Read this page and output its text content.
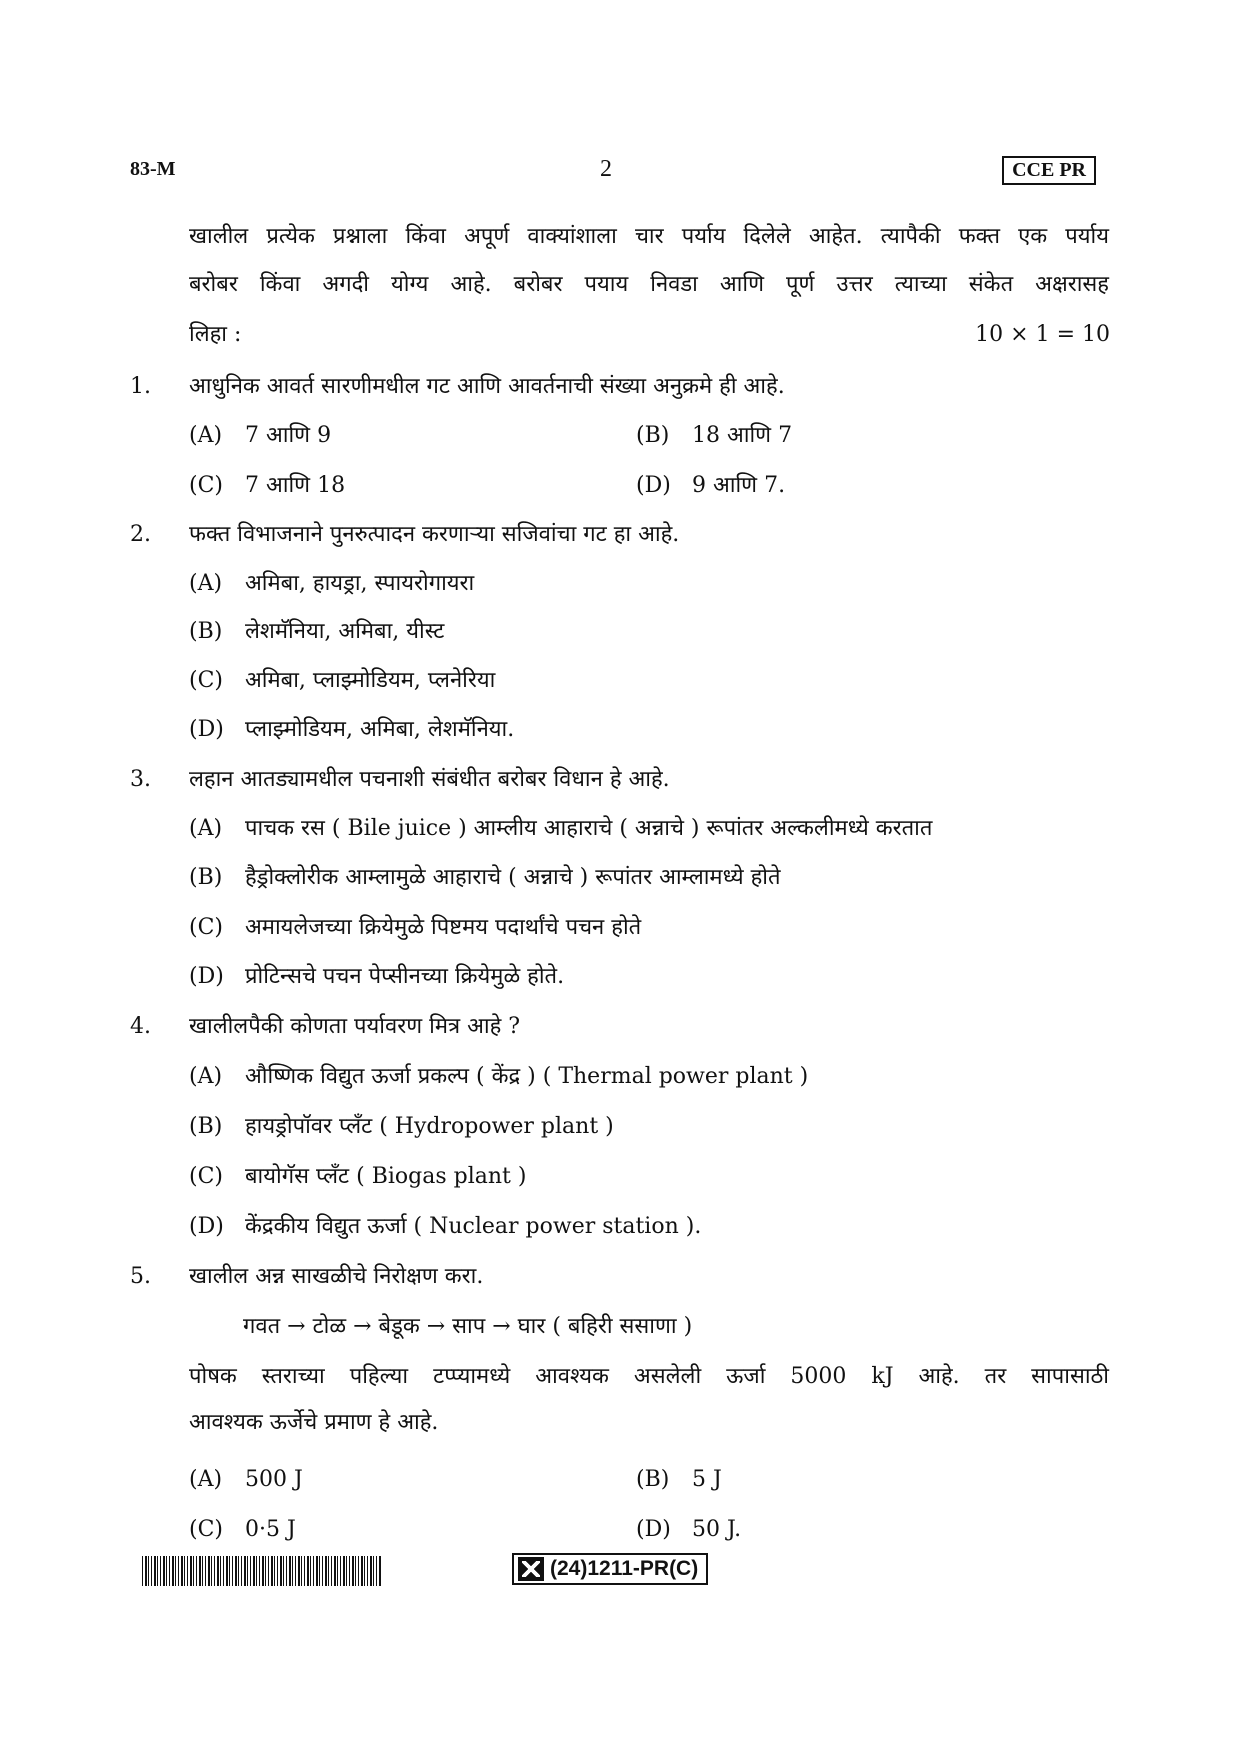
83-M	2	CCE PR
खालील प्रत्येक प्रश्नाला किंवा अपूर्ण वाक्यांशाला चार पर्याय दिलेले आहेत. त्यापैकी फक्त एक पर्याय
बरोबर किंवा अगदी योग्य आहे. बरोबर पयाय निवडा आणि पूर्ण उत्तर त्याच्या संकेत अक्षरासह
लिहा :	10 × 1 = 10
1. आधुनिक आवर्त सारणीमधील गट आणि आवर्तनाची संख्या अनुक्रमे ही आहे.
(A) 7 आणि 9	(B) 18 आणि 7
(C) 7 आणि 18	(D) 9 आणि 7.
2. फक्त विभाजनाने पुनरुत्पादन करणाऱ्या सजिवांचा गट हा आहे.
(A) अमिबा, हायड्रा, स्पायरोगायरा
(B) लेशमॅनिया, अमिबा, यीस्ट
(C) अमिबा, प्लाझ्मोडियम, प्लनेरिया
(D) प्लाझ्मोडियम, अमिबा, लेशमॅनिया.
3. लहान आतड्यामधील पचनाशी संबंधीत बरोबर विधान हे आहे.
(A) पाचक रस ( Bile juice ) आम्लीय आहाराचे ( अन्नाचे ) रूपांतर अल्कलीमध्ये करतात
(B) हैड्रोक्लोरीक आम्लामुळे आहाराचे ( अन्नाचे ) रूपांतर आम्लामध्ये होते
(C) अमायलेजच्या क्रियेमुळे पिष्टमय पदार्थांचे पचन होते
(D) प्रोटिन्सचे पचन पेप्सीनच्या क्रियेमुळे होते.
4. खालीलपैकी कोणता पर्यावरण मित्र आहे ?
(A) औष्णिक विद्युत ऊर्जा प्रकल्प ( केंद्र ) ( Thermal power plant )
(B) हायड्रोपॉवर प्लँट ( Hydropower plant )
(C) बायोगॅस प्लँट ( Biogas plant )
(D) केंद्रकीय विद्युत ऊर्जा ( Nuclear power station ).
5. खालील अन्न साखळीचे निरोक्षण करा.
गवत → टोळ → बेडूक → साप → घार ( बहिरी ससाणा )
पोषक स्तराच्या पहिल्या टप्प्यामध्ये आवश्यक असलेली ऊर्जा 5000 kJ आहे. तर सापासाठी
आवश्यक ऊर्जेचे प्रमाण हे आहे.
(A) 500 J	(B) 5 J
(C) 0·5 J	(D) 50 J.
(24)1211-PR(C)
